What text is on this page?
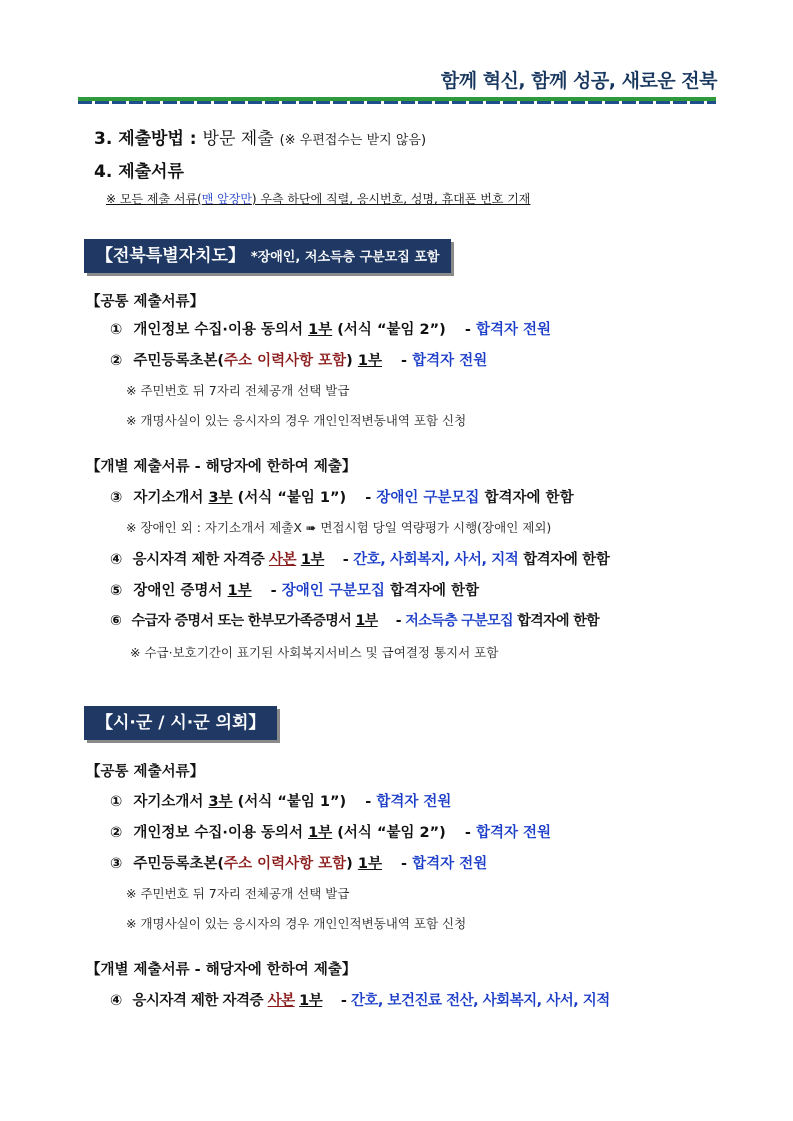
함께 혁신, 함께 성공, 새로운 전북
3. 제출방법 : 방문 제출 (※ 우편접수는 받지 않음)
4. 제출서류
※ 모든 제출 서류(맨 앞장만) 우측 하단에 직렬, 응시번호, 성명, 휴대폰 번호 기재
【전북특별자치도】 *장애인, 저소득층 구분모집 포함
【공통 제출서류】
① 개인정보 수집·이용 동의서 1부 (서식 “붙임 2”) - 합격자 전원
② 주민등록초본(주소 이력사항 포함) 1부 - 합격자 전원
※ 주민번호 뒤 7자리 전체공개 선택 발급
※ 개명사실이 있는 응시자의 경우 개인인적변동내역 포함 신청
【개별 제출서류 - 해당자에 한하여 제출】
③ 자기소개서 3부 (서식 “붙임 1”) - 장애인 구분모집 합격자에 한함
※ 장애인 외 : 자기소개서 제출X ➠ 면접시험 당일 역량평가 시행(장애인 제외)
④ 응시자격 제한 자격증 사본 1부 - 간호, 사회복지, 사서, 지적 합격자에 한함
⑤ 장애인 증명서 1부 - 장애인 구분모집 합격자에 한함
⑥ 수급자 증명서 또는 한부모가족증명서 1부 - 저소득층 구분모집 합격자에 한함
※ 수급·보호기간이 표기된 사회복지서비스 및 급여결정 통지서 포함
【시·군 / 시·군 의회】
【공통 제출서류】
① 자기소개서 3부 (서식 “붙임 1”) - 합격자 전원
② 개인정보 수집·이용 동의서 1부 (서식 “붙임 2”) - 합격자 전원
③ 주민등록초본(주소 이력사항 포함) 1부 - 합격자 전원
※ 주민번호 뒤 7자리 전체공개 선택 발급
※ 개명사실이 있는 응시자의 경우 개인인적변동내역 포함 신청
【개별 제출서류 - 해당자에 한하여 제출】
④ 응시자격 제한 자격증 사본 1부 - 간호, 보건진료 전산, 사회복지, 사서, 지적
